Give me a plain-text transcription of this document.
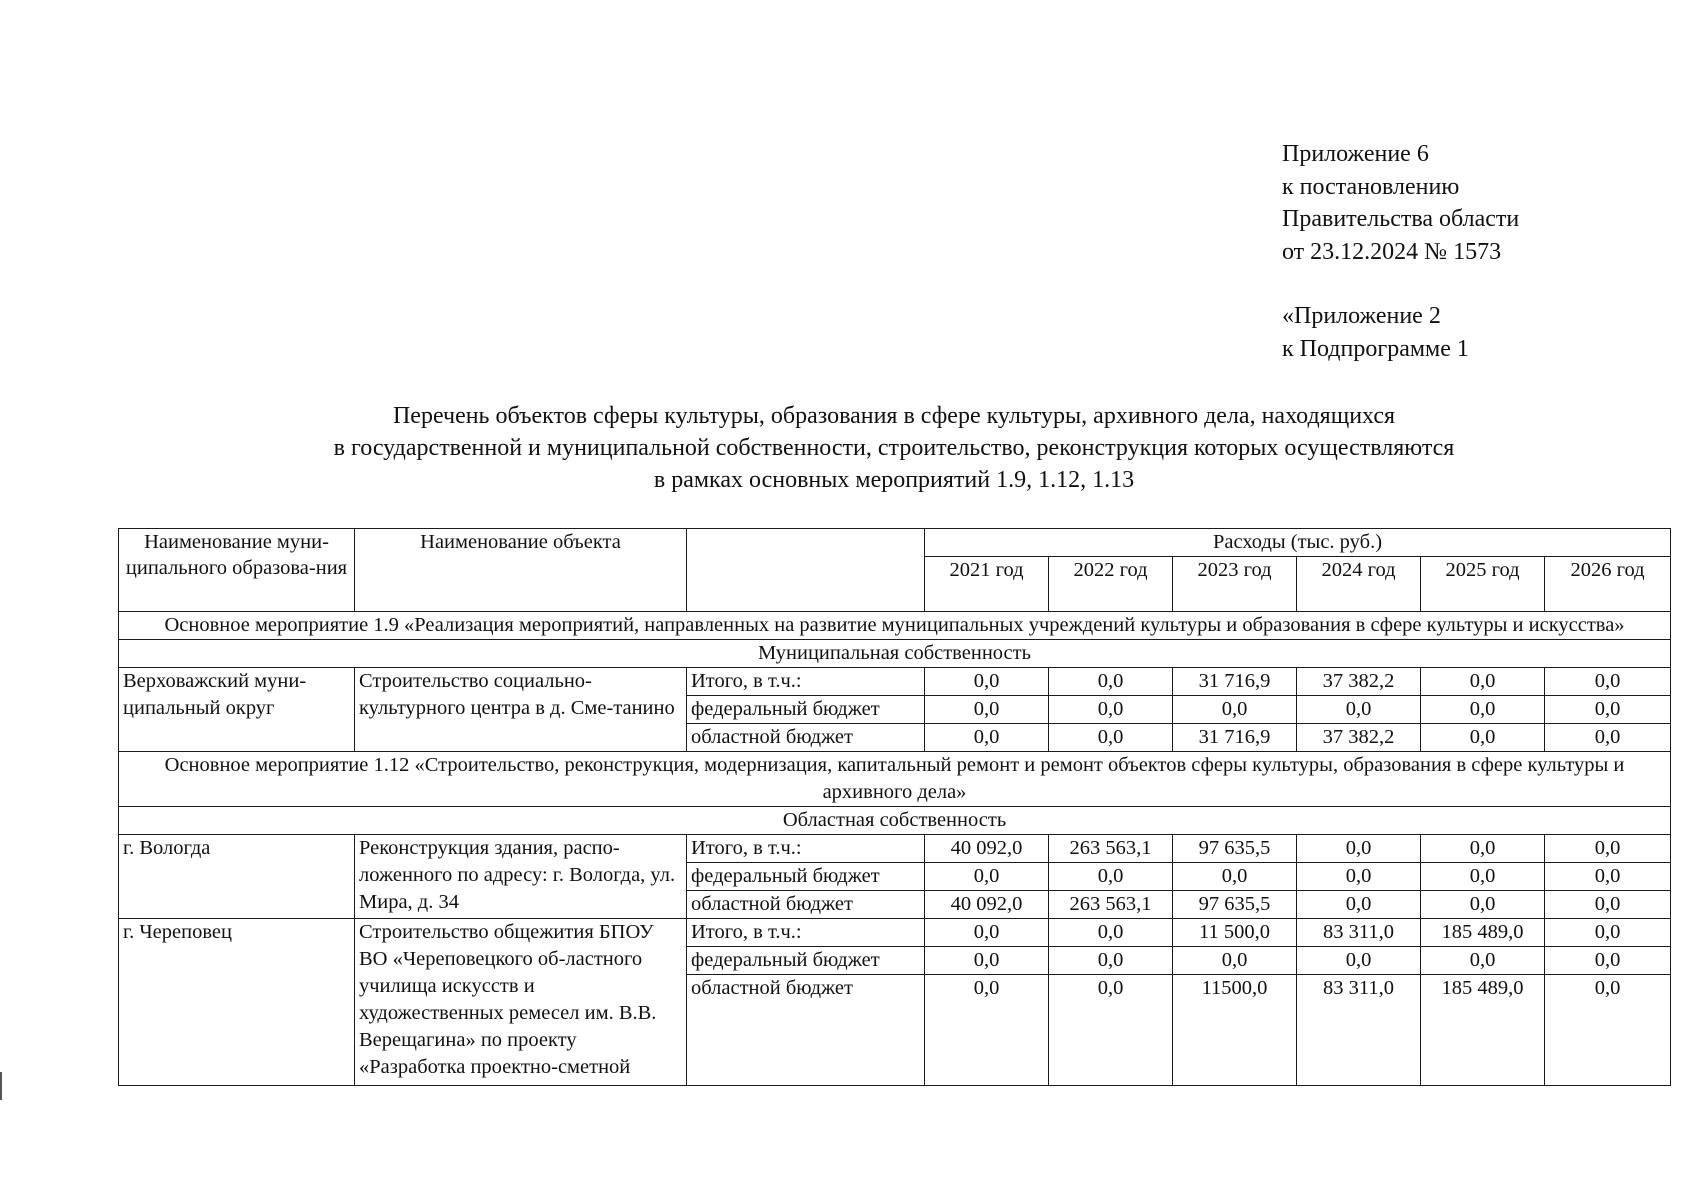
Приложение 6
к постановлению
Правительства области
от 23.12.2024 № 1573
«Приложение 2
к Подпрограмме 1
Перечень объектов сферы культуры, образования в сфере культуры, архивного дела, находящихся
в государственной и муниципальной собственности, строительство, реконструкция которых осуществляются
в рамках основных мероприятий 1.9, 1.12, 1.13
Наименование муни-ципального образова-ния	Наименование объекта		Расходы (тыс. руб.)					
			2021 год	2022 год	2023 год	2024 год	2025 год	2026 год
Основное мероприятие 1.9 «Реализация мероприятий, направленных на развитие муниципальных учреждений культуры и образования в сфере культуры и искусства»								
Муниципальная собственность								
Верховажский муни-ципальный округ	Строительство социально-культурного центра в д. Сме-танино	Итого, в т.ч.:	0,0	0,0	31 716,9	37 382,2	0,0	0,0
		федеральный бюджет	0,0	0,0	0,0	0,0	0,0	0,0
		областной бюджет	0,0	0,0	31 716,9	37 382,2	0,0	0,0
Основное мероприятие 1.12 «Строительство, реконструкция, модернизация, капитальный ремонт и ремонт объектов сферы культуры, образования в сфере культуры и архивного дела»								
Областная собственность								
г. Вологда	Реконструкция здания, распо-ложенного по адресу: г. Вологда, ул. Мира, д. 34	Итого, в т.ч.:	40 092,0	263 563,1	97 635,5	0,0	0,0	0,0
		федеральный бюджет	0,0	0,0	0,0	0,0	0,0	0,0
		областной бюджет	40 092,0	263 563,1	97 635,5	0,0	0,0	0,0
г. Череповец	Строительство общежития БПОУ ВО «Череповецкого об-ластного училища искусств и художественных ремесел им. В.В. Верещагина» по проекту «Разработка проектно-сметной	Итого, в т.ч.:	0,0	0,0	11 500,0	83 311,0	185 489,0	0,0
		федеральный бюджет	0,0	0,0	0,0	0,0	0,0	0,0
		областной бюджет	0,0	0,0	11500,0	83 311,0	185 489,0	0,0
